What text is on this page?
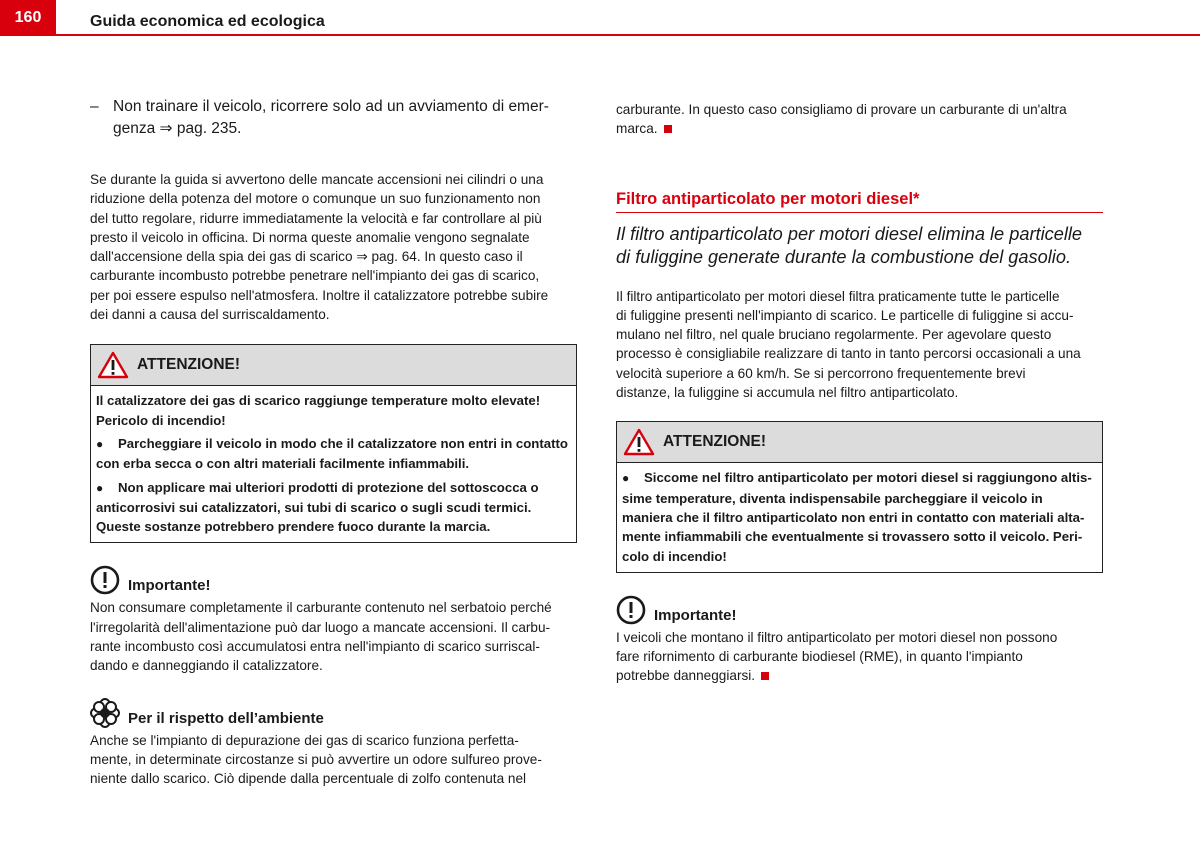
160	Guida economica ed ecologica
– Non trainare il veicolo, ricorrere solo ad un avviamento di emer-
genza ⇒ pag. 235.
Se durante la guida si avvertono delle mancate accensioni nei cilindri o una
riduzione della potenza del motore o comunque un suo funzionamento non
del tutto regolare, ridurre immediatamente la velocità e far controllare al più
presto il veicolo in officina. Di norma queste anomalie vengono segnalate
dall'accensione della spia dei gas di scarico ⇒ pag. 64. In questo caso il
carburante incombusto potrebbe penetrare nell'impianto dei gas di scarico,
per poi essere espulso nell'atmosfera. Inoltre il catalizzatore potrebbe subire
dei danni a causa del surriscaldamento.
ATTENZIONE!
Il catalizzatore dei gas di scarico raggiunge temperature molto elevate!
Pericolo di incendio!
● Parcheggiare il veicolo in modo che il catalizzatore non entri in contatto
con erba secca o con altri materiali facilmente infiammabili.
● Non applicare mai ulteriori prodotti di protezione del sottoscocca o
anticorrosivi sui catalizzatori, sui tubi di scarico o sugli scudi termici.
Queste sostanze potrebbero prendere fuoco durante la marcia.
Importante!
Non consumare completamente il carburante contenuto nel serbatoio perché
l'irregolarità dell'alimentazione può dar luogo a mancate accensioni. Il carbu-
rante incombusto così accumulatosi entra nell'impianto di scarico surriscal-
dando e danneggiando il catalizzatore.
Per il rispetto dell’ambiente
Anche se l'impianto di depurazione dei gas di scarico funziona perfetta-
mente, in determinate circostanze si può avvertire un odore sulfureo prove-
niente dallo scarico. Ciò dipende dalla percentuale di zolfo contenuta nel
carburante. In questo caso consigliamo di provare un carburante di un'altra
marca.
Filtro antiparticolato per motori diesel*
Il filtro antiparticolato per motori diesel elimina le particelle
di fuliggine generate durante la combustione del gasolio.
Il filtro antiparticolato per motori diesel filtra praticamente tutte le particelle
di fuliggine presenti nell'impianto di scarico. Le particelle di fuliggine si accu-
mulano nel filtro, nel quale bruciano regolarmente. Per agevolare questo
processo è consigliabile realizzare di tanto in tanto percorsi occasionali a una
velocità superiore a 60 km/h. Se si percorrono frequentemente brevi
distanze, la fuliggine si accumula nel filtro antiparticolato.
ATTENZIONE!
● Siccome nel filtro antiparticolato per motori diesel si raggiungono altis-
sime temperature, diventa indispensabile parcheggiare il veicolo in
maniera che il filtro antiparticolato non entri in contatto con materiali alta-
mente infiammabili che eventualmente si trovassero sotto il veicolo. Peri-
colo di incendio!
Importante!
I veicoli che montano il filtro antiparticolato per motori diesel non possono
fare rifornimento di carburante biodiesel (RME), in quanto l'impianto
potrebbe danneggiarsi.
